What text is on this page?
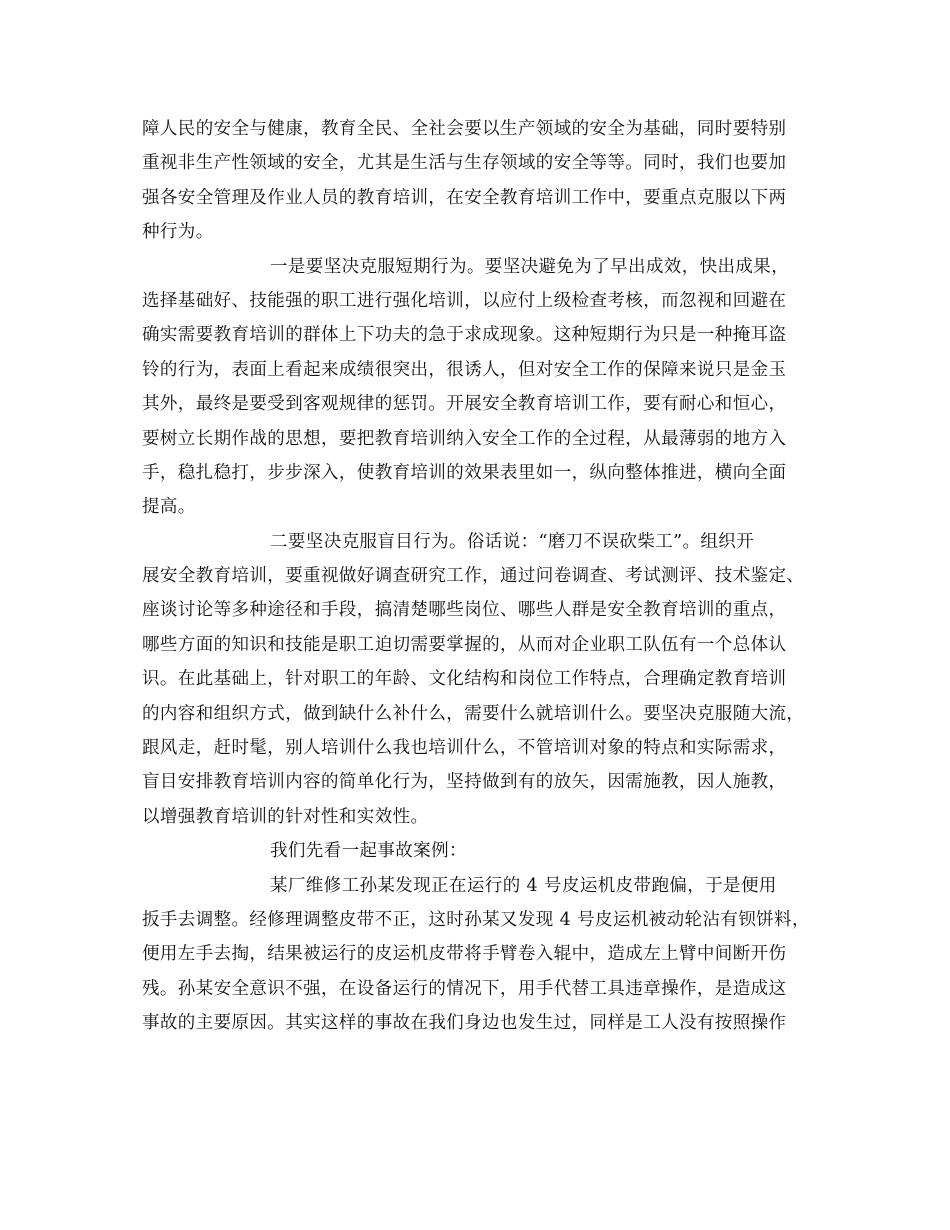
障人民的安全与健康，教育全民、全社会要以生产领域的安全为基础，同时要特别
重视非生产性领域的安全，尤其是生活与生存领域的安全等等。同时，我们也要加
强各安全管理及作业人员的教育培训，在安全教育培训工作中，要重点克服以下两
种行为。
一是要坚决克服短期行为。要坚决避免为了早出成效，快出成果，
选择基础好、技能强的职工进行强化培训，以应付上级检查考核，而忽视和回避在
确实需要教育培训的群体上下功夫的急于求成现象。这种短期行为只是一种掩耳盗
铃的行为，表面上看起来成绩很突出，很诱人，但对安全工作的保障来说只是金玉
其外，最终是要受到客观规律的惩罚。开展安全教育培训工作，要有耐心和恒心，
要树立长期作战的思想，要把教育培训纳入安全工作的全过程，从最薄弱的地方入
手，稳扎稳打，步步深入，使教育培训的效果表里如一，纵向整体推进，横向全面
提高。
二要坚决克服盲目行为。俗话说：“磨刀不误砍柴工”。组织开
展安全教育培训，要重视做好调查研究工作，通过问卷调查、考试测评、技术鉴定、
座谈讨论等多种途径和手段，搞清楚哪些岗位、哪些人群是安全教育培训的重点，
哪些方面的知识和技能是职工迫切需要掌握的，从而对企业职工队伍有一个总体认
识。在此基础上，针对职工的年龄、文化结构和岗位工作特点，合理确定教育培训
的内容和组织方式，做到缺什么补什么，需要什么就培训什么。要坚决克服随大流，
跟风走，赶时髦，别人培训什么我也培训什么，不管培训对象的特点和实际需求，
盲目安排教育培训内容的简单化行为，坚持做到有的放矢，因需施教，因人施教，
以增强教育培训的针对性和实效性。
我们先看一起事故案例：
某厂维修工孙某发现正在运行的 4 号皮运机皮带跑偏，于是便用
扳手去调整。经修理调整皮带不正，这时孙某又发现 4 号皮运机被动轮沾有钡饼料，
便用左手去掏，结果被运行的皮运机皮带将手臂卷入辊中，造成左上臂中间断开伤
残。孙某安全意识不强，在设备运行的情况下，用手代替工具违章操作，是造成这
事故的主要原因。其实这样的事故在我们身边也发生过，同样是工人没有按照操作
